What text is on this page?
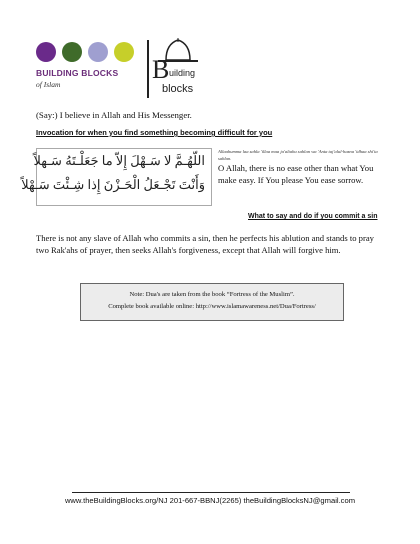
BUILDING BLOCKS
of Islam
B uilding
blocks
(Say:) I believe in Allah and His Messenger.
Invocation for when you find something becoming difficult for you
اللّهُـمَّ لا سَـهْلَ إِلاّ ما جَعَلْـتَهُ سَـهلاً
وَأَنْتَ تَجْـعَلُ الْحَـزْنَ إِذا شِـئْتَ سَـهْلاً
Allaahumma laa sahla 'illaa maa ja'altahu sahlan wa 'Anta taj'alul-hazna 'idhaa shi'ta sahlan.
O Allah, there is no ease other than what You make easy. If You please You ease sorrow.
What to say and do if you commit a sin
There is not any slave of Allah who commits a sin, then he perfects his ablution and stands to pray two Rak'ahs of prayer, then seeks Allah's forgiveness, except that Allah will forgive him.
Note: Dua's are taken from the book “Fortress of the Muslim”.
Complete book available online: http://www.islamawareness.net/Dua/Fortress/
www.theBuildingBlocks.org/NJ 201-667-BBNJ(2265) theBuildingBlocksNJ@gmail.com
